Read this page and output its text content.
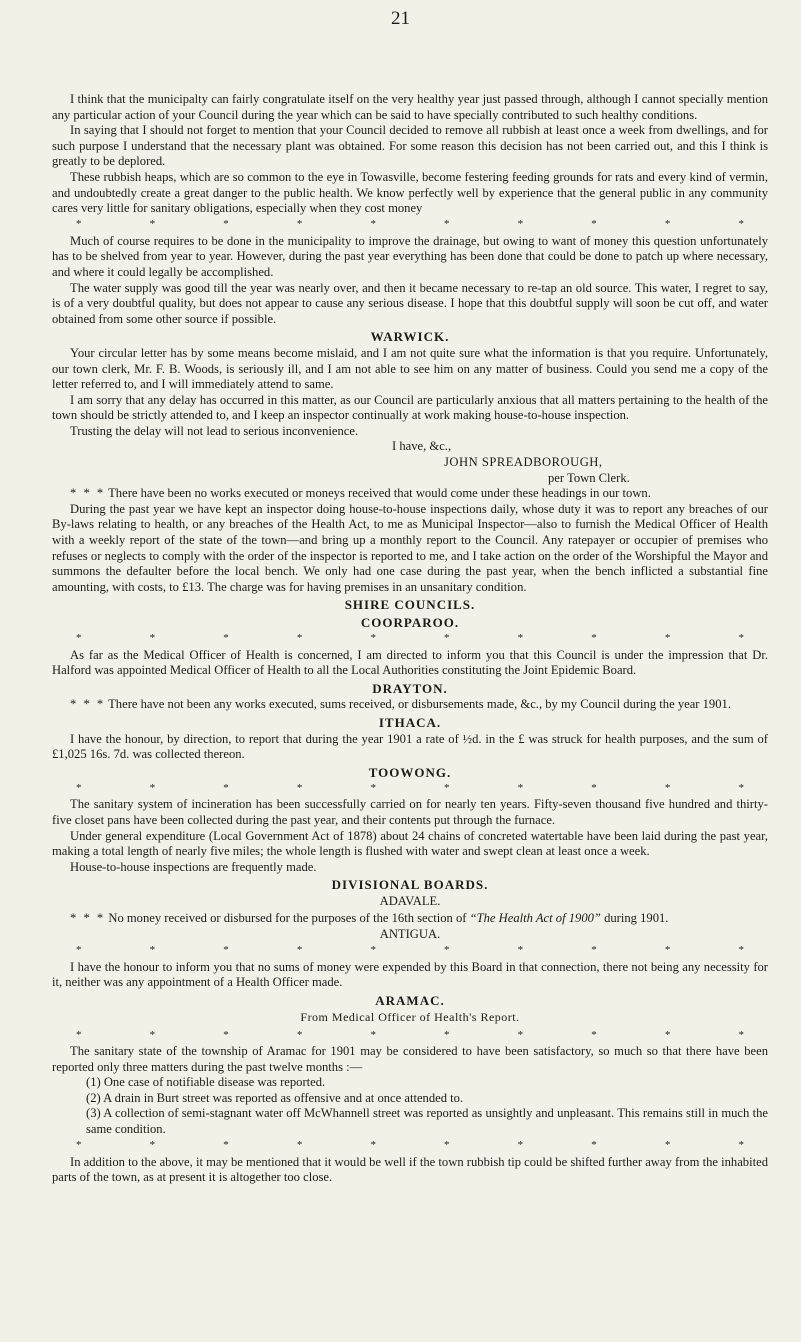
21

I think that the municipalty can fairly congratulate itself on the very healthy year just passed through, although I cannot specially mention any particular action of your Council during the year which can be said to have specially contributed to such healthy conditions.

In saying that I should not forget to mention that your Council decided to remove all rubbish at least once a week from dwellings, and for such purpose I understand that the necessary plant was obtained. For some reason this decision has not been carried out, and this I think is greatly to be deplored.

These rubbish heaps, which are so common to the eye in Towasville, become festering feeding grounds for rats and every kind of vermin, and undoubtedly create a great danger to the public health. We know perfectly well by experience that the general public in any community cares very little for sanitary obligations, especially when they cost money

*	*	*	*	*	*	*	*	*	*

Much of course requires to be done in the municipality to improve the drainage, but owing to want of money this question unfortunately has to be shelved from year to year. However, during the past year everything has been done that could be done to patch up where necessary, and where it could legally be accomplished.

The water supply was good till the year was nearly over, and then it became necessary to re-tap an old source. This water, I regret to say, is of a very doubtful quality, but does not appear to cause any serious disease. I hope that this doubtful supply will soon be cut off, and water obtained from some other source if possible.

WARWICK.

Your circular letter has by some means become mislaid, and I am not quite sure what the information is that you require. Unfortunately, our town clerk, Mr. F. B. Woods, is seriously ill, and I am not able to see him on any matter of business. Could you send me a copy of the letter referred to, and I will immediately attend to same.

I am sorry that any delay has occurred in this matter, as our Council are particularly anxious that all matters pertaining to the health of the town should be strictly attended to, and I keep an inspector continually at work making house-to-house inspection.

Trusting the delay will not lead to serious inconvenience.

I have, &c.,

JOHN SPREADBOROUGH,

per Town Clerk.

* * * There have been no works executed or moneys received that would come under these headings in our town.

During the past year we have kept an inspector doing house-to-house inspections daily, whose duty it was to report any breaches of our By-laws relating to health, or any breaches of the Health Act, to me as Municipal Inspector—also to furnish the Medical Officer of Health with a weekly report of the state of the town—and bring up a monthly report to the Council. Any ratepayer or occupier of premises who refuses or neglects to comply with the order of the inspector is reported to me, and I take action on the order of the Worshipful the Mayor and summons the defaulter before the local bench. We only had one case during the past year, when the bench inflicted a substantial fine amounting, with costs, to £13. The charge was for having premises in an unsanitary condition.

SHIRE COUNCILS.
COORPAROO.
*	*	*	*	*	*	*	*	*	*

As far as the Medical Officer of Health is concerned, I am directed to inform you that this Council is under the impression that Dr. Halford was appointed Medical Officer of Health to all the Local Authorities constituting the Joint Epidemic Board.

DRAYTON.

* * * There have not been any works executed, sums received, or disbursements made, &c., by my Council during the year 1901.

ITHACA.

I have the honour, by direction, to report that during the year 1901 a rate of ½d. in the £ was struck for health purposes, and the sum of £1,025 16s. 7d. was collected thereon.

TOOWONG.
*	*	*	*	*	*	*	*	*	*

The sanitary system of incineration has been successfully carried on for nearly ten years. Fifty-seven thousand five hundred and thirty-five closet pans have been collected during the past year, and their contents put through the furnace.

Under general expenditure (Local Government Act of 1878) about 24 chains of concreted watertable have been laid during the past year, making a total length of nearly five miles; the whole length is flushed with water and swept clean at least once a week.

House-to-house inspections are frequently made.

DIVISIONAL BOARDS.
ADAVALE.

* * * No money received or disbursed for the purposes of the 16th section of “The Health Act of 1900” during 1901.

ANTIGUA.
*	*	*	*	*	*	*	*	*	*

I have the honour to inform you that no sums of money were expended by this Board in that connection, there not being any necessity for it, neither was any appointment of a Health Officer made.

ARAMAC.
From Medical Officer of Health's Report.
*	*	*	*	*	*	*	*	*	*

The sanitary state of the township of Aramac for 1901 may be considered to have been satisfactory, so much so that there have been reported only three matters during the past twelve months :—

(1) One case of notifiable disease was reported.
(2) A drain in Burt street was reported as offensive and at once attended to.
(3) A collection of semi-stagnant water off McWhannell street was reported as unsightly and unpleasant. This remains still in much the same condition.
*	*	*	*	*	*	*	*	*	*

In addition to the above, it may be mentioned that it would be well if the town rubbish tip could be shifted further away from the inhabited parts of the town, as at present it is altogether too close.
